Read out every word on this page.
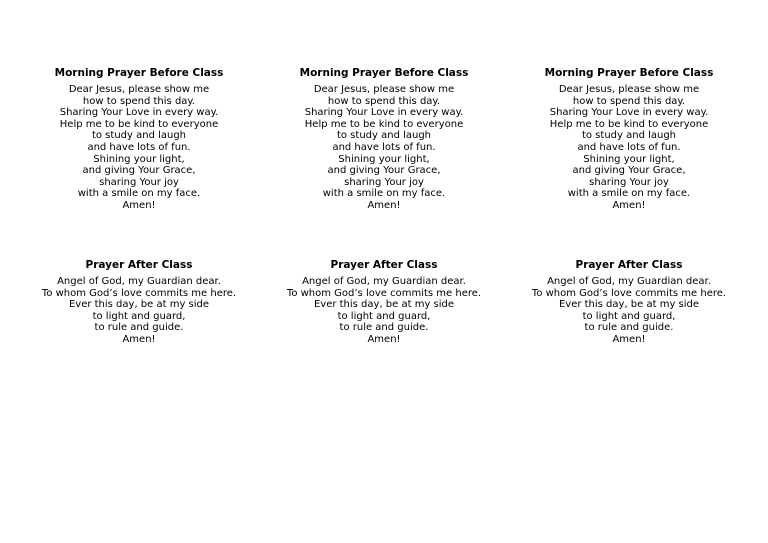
Morning Prayer Before Class
Dear Jesus, please show me
how to spend this day.
Sharing Your Love in every way.
Help me to be kind to everyone
to study and laugh
and have lots of fun.
Shining your light,
and giving Your Grace,
sharing Your joy
with a smile on my face.
Amen!
Morning Prayer Before Class
Dear Jesus, please show me
how to spend this day.
Sharing Your Love in every way.
Help me to be kind to everyone
to study and laugh
and have lots of fun.
Shining your light,
and giving Your Grace,
sharing Your joy
with a smile on my face.
Amen!
Morning Prayer Before Class
Dear Jesus, please show me
how to spend this day.
Sharing Your Love in every way.
Help me to be kind to everyone
to study and laugh
and have lots of fun.
Shining your light,
and giving Your Grace,
sharing Your joy
with a smile on my face.
Amen!
Prayer After Class
Angel of God, my Guardian dear.
To whom God’s love commits me here.
Ever this day, be at my side
to light and guard,
to rule and guide.
Amen!
Prayer After Class
Angel of God, my Guardian dear.
To whom God’s love commits me here.
Ever this day, be at my side
to light and guard,
to rule and guide.
Amen!
Prayer After Class
Angel of God, my Guardian dear.
To whom God’s love commits me here.
Ever this day, be at my side
to light and guard,
to rule and guide.
Amen!
